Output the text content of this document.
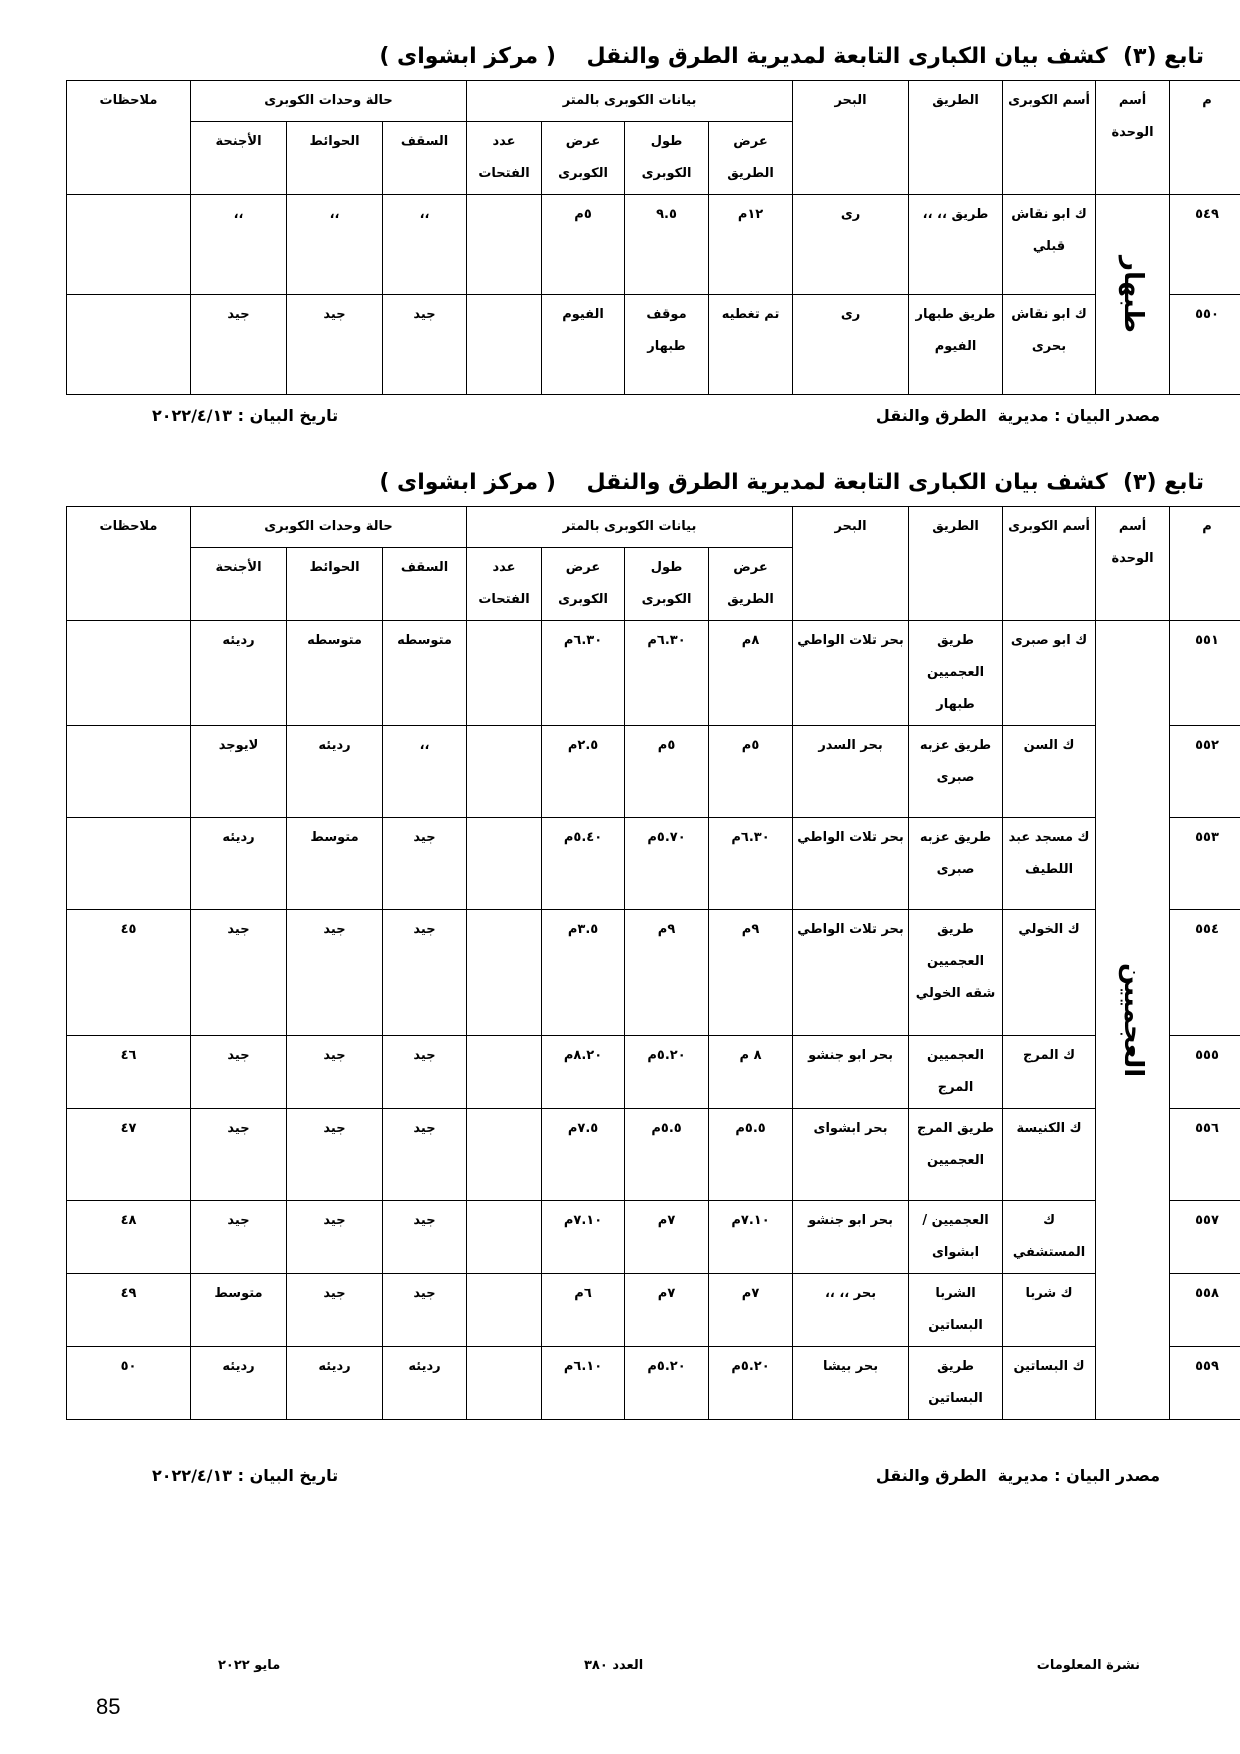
تابع (٣)  كشف بيان الكبارى التابعة لمديرية الطرق والنقل    ( مركز ابشواى )
م	أسم الوحدة	أسم الكوبرى	الطريق	البحر	بيانات الكوبرى بالمتر				حالة وحدات الكوبرى			ملاحظات
					عرض الطريق	طول الكوبرى	عرض الكوبرى	عدد الفتحات	السقف	الحوائط	الأجنحة	

٥٤٩	طبهار	ك ابو نقاش قبلي	طريق ،، ،،	رى	١٢م	٩.٥	٥م		،،	،،	،،	
٥٥٠		ك ابو نقاش بحرى	طريق طبهار الفيوم	رى	تم تغطيه	موقف طبهار	الفيوم		جيد	جيد	جيد	
مصدر البيان : مديرية  الطرق والنقل
تاريخ البيان : ٢٠٢٢/٤/١٣
تابع (٣)  كشف بيان الكبارى التابعة لمديرية الطرق والنقل    ( مركز ابشواى )
م	أسم الوحدة	أسم الكوبرى	الطريق	البحر	بيانات الكوبرى بالمتر				حالة وحدات الكوبرى			ملاحظات
					عرض الطريق	طول الكوبرى	عرض الكوبرى	عدد الفتحات	السقف	الحوائط	الأجنحة	

٥٥١	العجميين	ك ابو صبرى	طريق العجميين طبهار	بحر تلات الواطي	٨م	٦.٣٠م	٦.٣٠م		متوسطه	متوسطه	رديئه	
٥٥٢		ك السن	طريق عزبه صبرى	بحر السدر	٥م	٥م	٢.٥م		،،	رديئه	لايوجد	
٥٥٣		ك مسجد عبد اللطيف	طريق عزبه صبرى	بحر تلات الواطي	٦.٣٠م	٥.٧٠م	٥.٤٠م		جيد	متوسط	رديئه	
٥٥٤		ك الخولي	طريق العجميين شقه الخولي	بحر تلات الواطي	٩م	٩م	٣.٥م		جيد	جيد	جيد	٤٥
٥٥٥		ك المرج	العجميين المرج	بحر ابو جنشو	٨ م	٥.٢٠م	٨.٢٠م		جيد	جيد	جيد	٤٦
٥٥٦		ك الكنيسة	طريق المرج العجميين	بحر ابشواى	٥.٥م	٥.٥م	٧.٥م		جيد	جيد	جيد	٤٧
٥٥٧		ك المستشفي	العجميين / ابشواى	بحر ابو جنشو	٧.١٠م	٧م	٧.١٠م		جيد	جيد	جيد	٤٨
٥٥٨		ك شربا	الشربا البساتين	بحر ،، ،،	٧م	٧م	٦م		جيد	جيد	متوسط	٤٩
٥٥٩		ك البساتين	طريق البساتين	بحر بيشا	٥.٢٠م	٥.٢٠م	٦.١٠م		رديئه	رديئه	رديئه	٥٠
مصدر البيان : مديرية  الطرق والنقل
تاريخ البيان : ٢٠٢٢/٤/١٣
نشرة المعلومات
العدد ٣٨٠
مايو ٢٠٢٢
85
